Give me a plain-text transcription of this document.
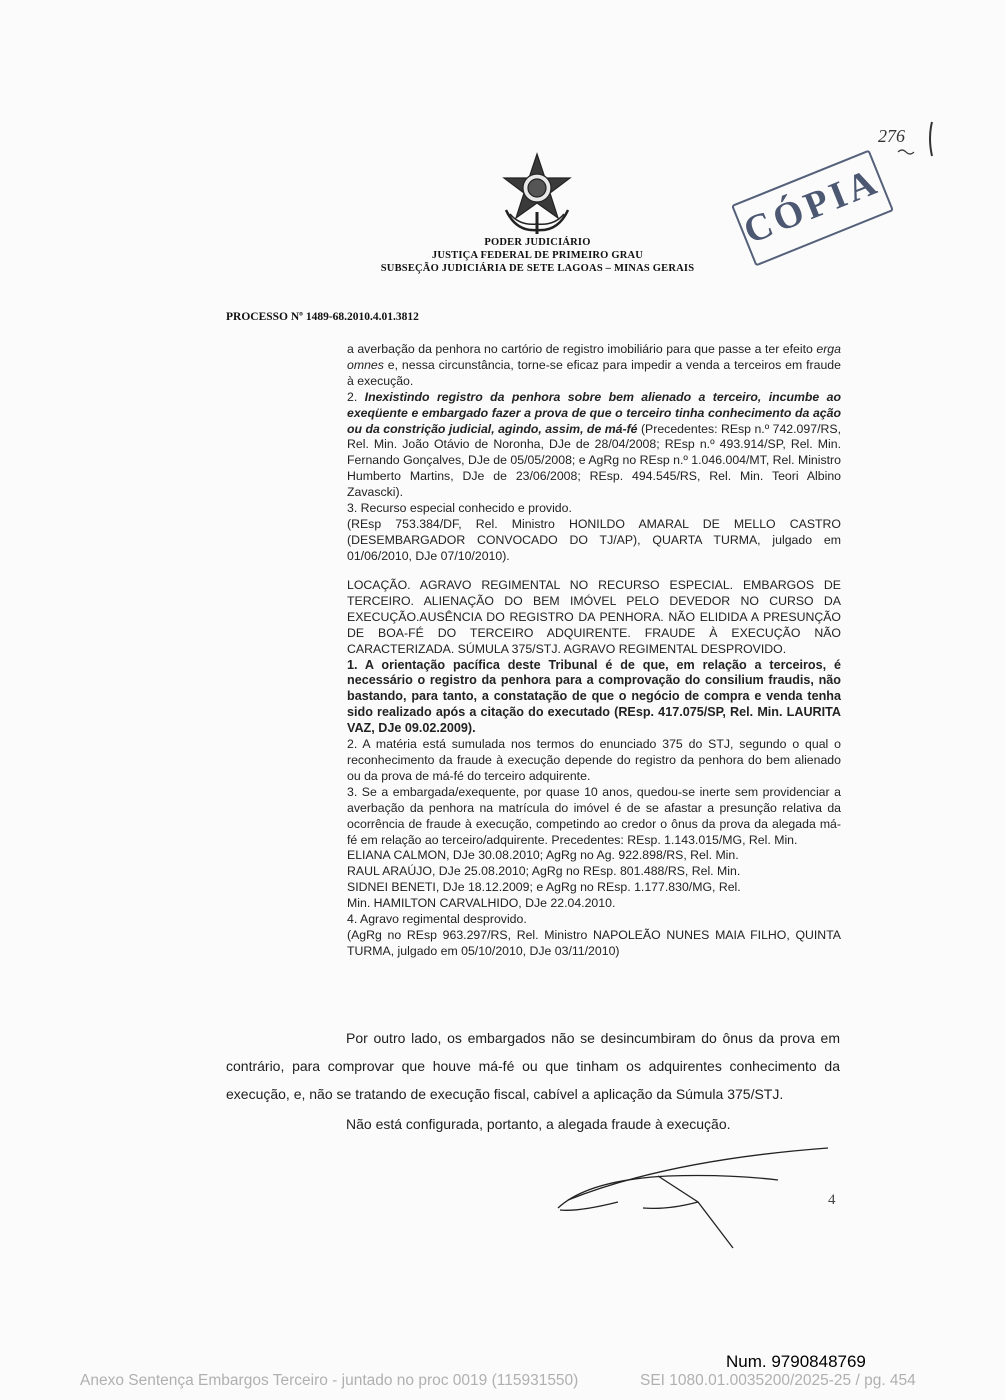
PODER JUDICIÁRIO
JUSTIÇA FEDERAL DE PRIMEIRO GRAU
SUBSEÇÃO JUDICIÁRIA DE SETE LAGOAS – MINAS GERAIS
CÓPIA
276
PROCESSO Nº 1489-68.2010.4.01.3812

a averbação da penhora no cartório de registro imobiliário para que passe a ter efeito erga omnes e, nessa circunstância, torne-se eficaz para impedir a venda a terceiros em fraude à execução.

2. Inexistindo registro da penhora sobre bem alienado a terceiro, incumbe ao exeqüente e embargado fazer a prova de que o terceiro tinha conhecimento da ação ou da constrição judicial, agindo, assim, de má-fé (Precedentes: REsp n.º 742.097/RS, Rel. Min. João Otávio de Noronha, DJe de 28/04/2008; REsp n.º 493.914/SP, Rel. Min. Fernando Gonçalves, DJe de 05/05/2008; e AgRg no REsp n.º 1.046.004/MT, Rel. Ministro Humberto Martins, DJe de 23/06/2008; REsp. 494.545/RS, Rel. Min. Teori Albino Zavascki).

3. Recurso especial conhecido e provido.

(REsp 753.384/DF, Rel. Ministro HONILDO AMARAL DE MELLO CASTRO (DESEMBARGADOR CONVOCADO DO TJ/AP), QUARTA TURMA, julgado em 01/06/2010, DJe 07/10/2010).

LOCAÇÃO. AGRAVO REGIMENTAL NO RECURSO ESPECIAL. EMBARGOS DE TERCEIRO. ALIENAÇÃO DO BEM IMÓVEL PELO DEVEDOR NO CURSO DA EXECUÇÃO.AUSÊNCIA DO REGISTRO DA PENHORA. NÃO ELIDIDA A PRESUNÇÃO DE BOA-FÉ DO TERCEIRO ADQUIRENTE. FRAUDE À EXECUÇÃO NÃO CARACTERIZADA. SÚMULA 375/STJ. AGRAVO REGIMENTAL DESPROVIDO.

1. A orientação pacífica deste Tribunal é de que, em relação a terceiros, é necessário o registro da penhora para a comprovação do consilium fraudis, não bastando, para tanto, a constatação de que o negócio de compra e venda tenha sido realizado após a citação do executado (REsp. 417.075/SP, Rel. Min. LAURITA VAZ, DJe 09.02.2009).

2. A matéria está sumulada nos termos do enunciado 375 do STJ, segundo o qual o reconhecimento da fraude à execução depende do registro da penhora do bem alienado ou da prova de má-fé do terceiro adquirente.

3. Se a embargada/exequente, por quase 10 anos, quedou-se inerte sem providenciar a averbação da penhora na matrícula do imóvel é de se afastar a presunção relativa da ocorrência de fraude à execução, competindo ao credor o ônus da prova da alegada má-fé em relação ao terceiro/adquirente. Precedentes: REsp. 1.143.015/MG, Rel. Min.

ELIANA CALMON, DJe 30.08.2010; AgRg no Ag. 922.898/RS, Rel. Min.

RAUL ARAÚJO, DJe 25.08.2010; AgRg no REsp. 801.488/RS, Rel. Min.

SIDNEI BENETI, DJe 18.12.2009; e AgRg no REsp. 1.177.830/MG, Rel.

Min. HAMILTON CARVALHIDO, DJe 22.04.2010.

4. Agravo regimental desprovido.

(AgRg no REsp 963.297/RS, Rel. Ministro NAPOLEÃO NUNES MAIA FILHO, QUINTA TURMA, julgado em 05/10/2010, DJe 03/11/2010)

Por outro lado, os embargados não se desincumbiram do ônus da prova em contrário, para comprovar que houve má-fé ou que tinham os adquirentes conhecimento da execução, e, não se tratando de execução fiscal, cabível a aplicação da Súmula 375/STJ.

Não está configurada, portanto, a alegada fraude à execução.

4
Num. 9790848769
Anexo Sentença Embargos Terceiro - juntado no proc 0019 (115931550)	SEI 1080.01.0035200/2025-25 / pg. 454
